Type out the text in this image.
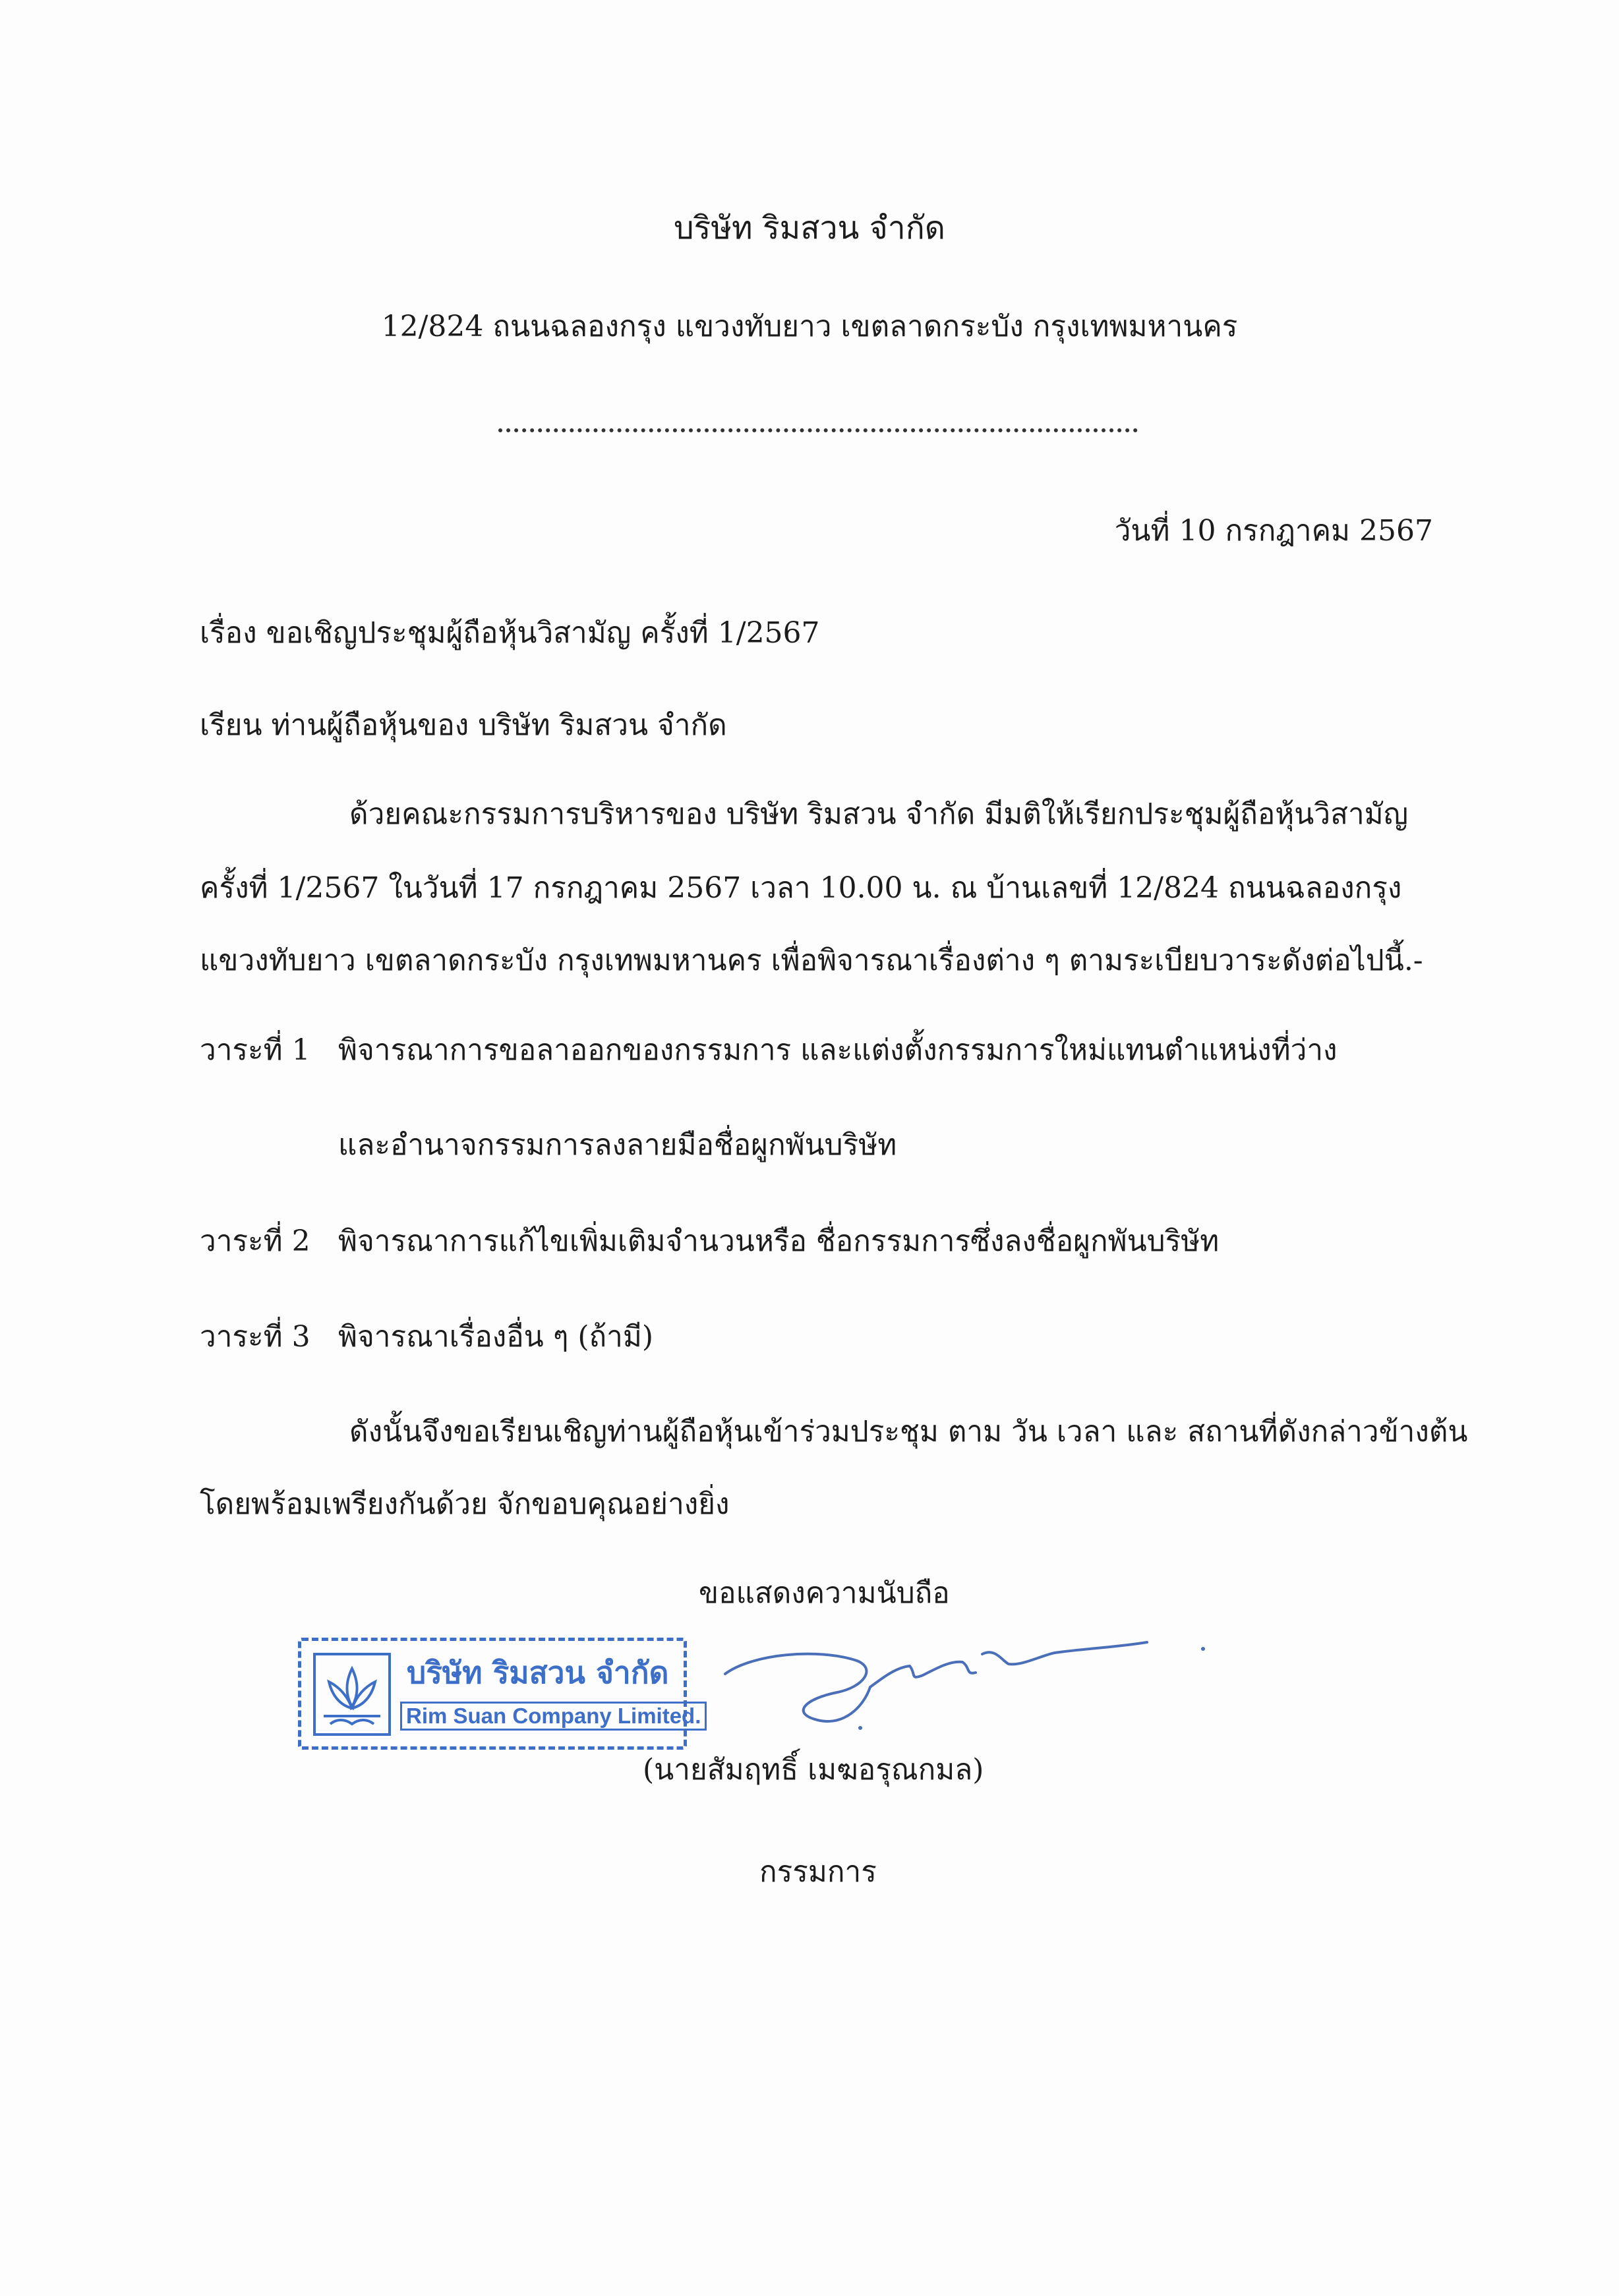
บริษัท ริมสวน จำกัด
12/824 ถนนฉลองกรุง แขวงทับยาว เขตลาดกระบัง กรุงเทพมหานคร
วันที่ 10 กรกฎาคม 2567
เรื่อง ขอเชิญประชุมผู้ถือหุ้นวิสามัญ ครั้งที่ 1/2567
เรียน ท่านผู้ถือหุ้นของ บริษัท ริมสวน จำกัด
ด้วยคณะกรรมการบริหารของ บริษัท ริมสวน จำกัด มีมติให้เรียกประชุมผู้ถือหุ้นวิสามัญ
ครั้งที่ 1/2567 ในวันที่ 17 กรกฎาคม 2567 เวลา 10.00 น. ณ บ้านเลขที่ 12/824 ถนนฉลองกรุง
แขวงทับยาว เขตลาดกระบัง กรุงเทพมหานคร เพื่อพิจารณาเรื่องต่าง ๆ ตามระเบียบวาระดังต่อไปนี้.-
วาระที่ 1 พิจารณาการขอลาออกของกรรมการ และแต่งตั้งกรรมการใหม่แทนตำแหน่งที่ว่าง
และอำนาจกรรมการลงลายมือชื่อผูกพันบริษัท
วาระที่ 2 พิจารณาการแก้ไขเพิ่มเติมจำนวนหรือ ชื่อกรรมการซึ่งลงชื่อผูกพันบริษัท
วาระที่ 3 พิจารณาเรื่องอื่น ๆ (ถ้ามี)
ดังนั้นจึงขอเรียนเชิญท่านผู้ถือหุ้นเข้าร่วมประชุม ตาม วัน เวลา และ สถานที่ดังกล่าวข้างต้น
โดยพร้อมเพรียงกันด้วย จักขอบคุณอย่างยิ่ง
ขอแสดงความนับถือ
บริษัท ริมสวน จำกัด
Rim Suan Company Limited.
(นายสัมฤทธิ์ เมฆอรุณกมล)
กรรมการ
